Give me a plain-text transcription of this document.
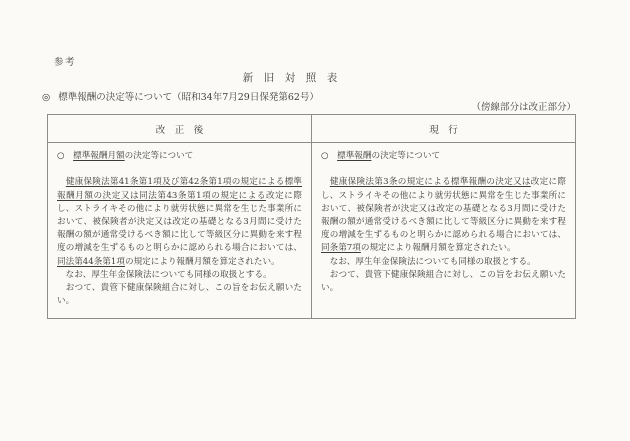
参考
新　旧　対　照　表
◎ 標準報酬の決定等について（昭和34年7月29日保発第62号）
（傍線部分は改正部分）
改　正　後	現　行
○　標準報酬月額の決定等について
　健康保険法第41条第1項及び第42条第1項の規定による標準報酬月額の決定又は同法第43条第1項の規定による改定に際し、ストライキその他により就労状態に異常を生じた事業所において、被保険者が決定又は改定の基礎となる3月間に受けた報酬の額が通常受けるべき額に比して等級区分に異動を来す程度の増減を生ずるものと明らかに認められる場合においては、同法第44条第1項の規定により報酬月額を算定されたい。
　なお、厚生年金保険法についても同様の取扱とする。
　おつて、貴管下健康保険組合に対し、この旨をお伝え願いたい。
○　標準報酬の決定等について
　健康保険法第3条の規定による標準報酬の決定又は改定に際し、ストライキその他により就労状態に異常を生じた事業所において、被保険者が決定又は改定の基礎となる3月間に受けた報酬の額が通常受けるべき額に比して等級区分に異動を来す程度の増減を生ずるものと明らかに認められる場合においては、同条第7項の規定により報酬月額を算定されたい。
　なお、厚生年金保険法についても同様の取扱とする。
　おつて、貴管下健康保険組合に対し、この旨をお伝え願いたい。
